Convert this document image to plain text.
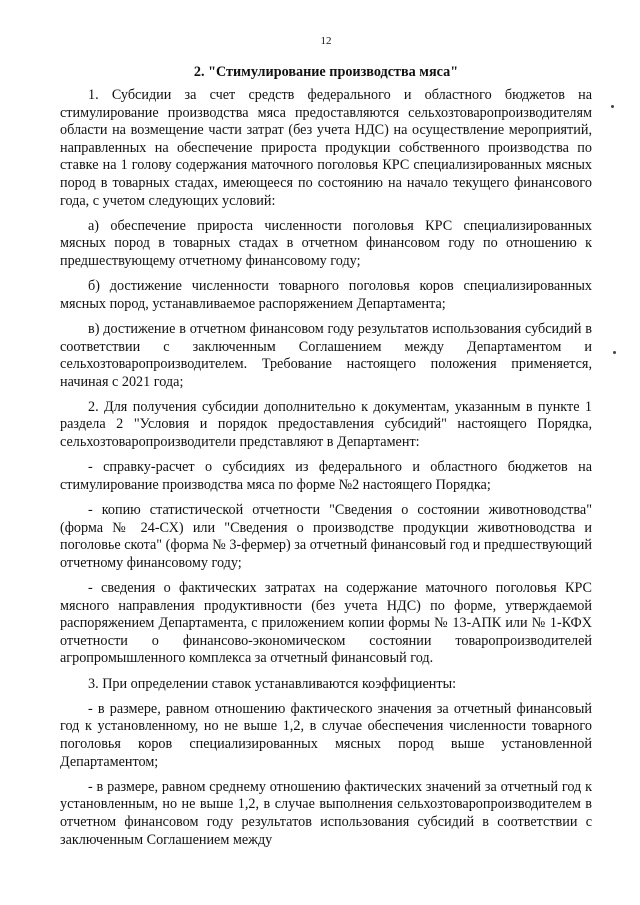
12
2. "Стимулирование производства мяса"

1. Субсидии за счет средств федерального и областного бюджетов на стимулирование производства мяса предоставляются сельхозтоваропроизводителям области на возмещение части затрат (без учета НДС) на осуществление мероприятий, направленных на обеспечение прироста продукции собственного производства по ставке на 1 голову содержания маточного поголовья КРС специализированных мясных пород в товарных стадах, имеющееся по состоянию на начало текущего финансового года, с учетом следующих условий:

а) обеспечение прироста численности поголовья КРС специализированных мясных пород в товарных стадах в отчетном финансовом году по отношению к предшествующему отчетному финансовому году;

б) достижение численности товарного поголовья коров специализированных мясных пород, устанавливаемое распоряжением Департамента;

в) достижение в отчетном финансовом году результатов использования субсидий в соответствии с заключенным Соглашением между Департаментом и сельхозтоваропроизводителем. Требование настоящего положения применяется, начиная с 2021 года;

2. Для получения субсидии дополнительно к документам, указанным в пункте 1 раздела 2 "Условия и порядок предоставления субсидий" настоящего Порядка, сельхозтоваропроизводители представляют в Департамент:

- справку-расчет о субсидиях из федерального и областного бюджетов на стимулирование производства мяса по форме №2 настоящего Порядка;

- копию статистической отчетности "Сведения о состоянии животноводства" (форма № 24-СХ) или "Сведения о производстве продукции животноводства и поголовье скота" (форма № 3-фермер) за отчетный финансовый год и предшествующий отчетному финансовому году;

- сведения о фактических затратах на содержание маточного поголовья КРС мясного направления продуктивности (без учета НДС) по форме, утверждаемой распоряжением Департамента, с приложением копии формы № 13-АПК или № 1-КФХ отчетности о финансово-экономическом состоянии товаропроизводителей агропромышленного комплекса за отчетный финансовый год.

3. При определении ставок устанавливаются коэффициенты:

- в размере, равном отношению фактического значения за отчетный финансовый год к установленному, но не выше 1,2, в случае обеспечения численности товарного поголовья коров специализированных мясных пород выше установленной Департаментом;

- в размере, равном среднему отношению фактических значений за отчетный год к установленным, но не выше 1,2, в случае выполнения сельхозтоваропроизводителем в отчетном финансовом году результатов использования субсидий в соответствии с заключенным Соглашением между
